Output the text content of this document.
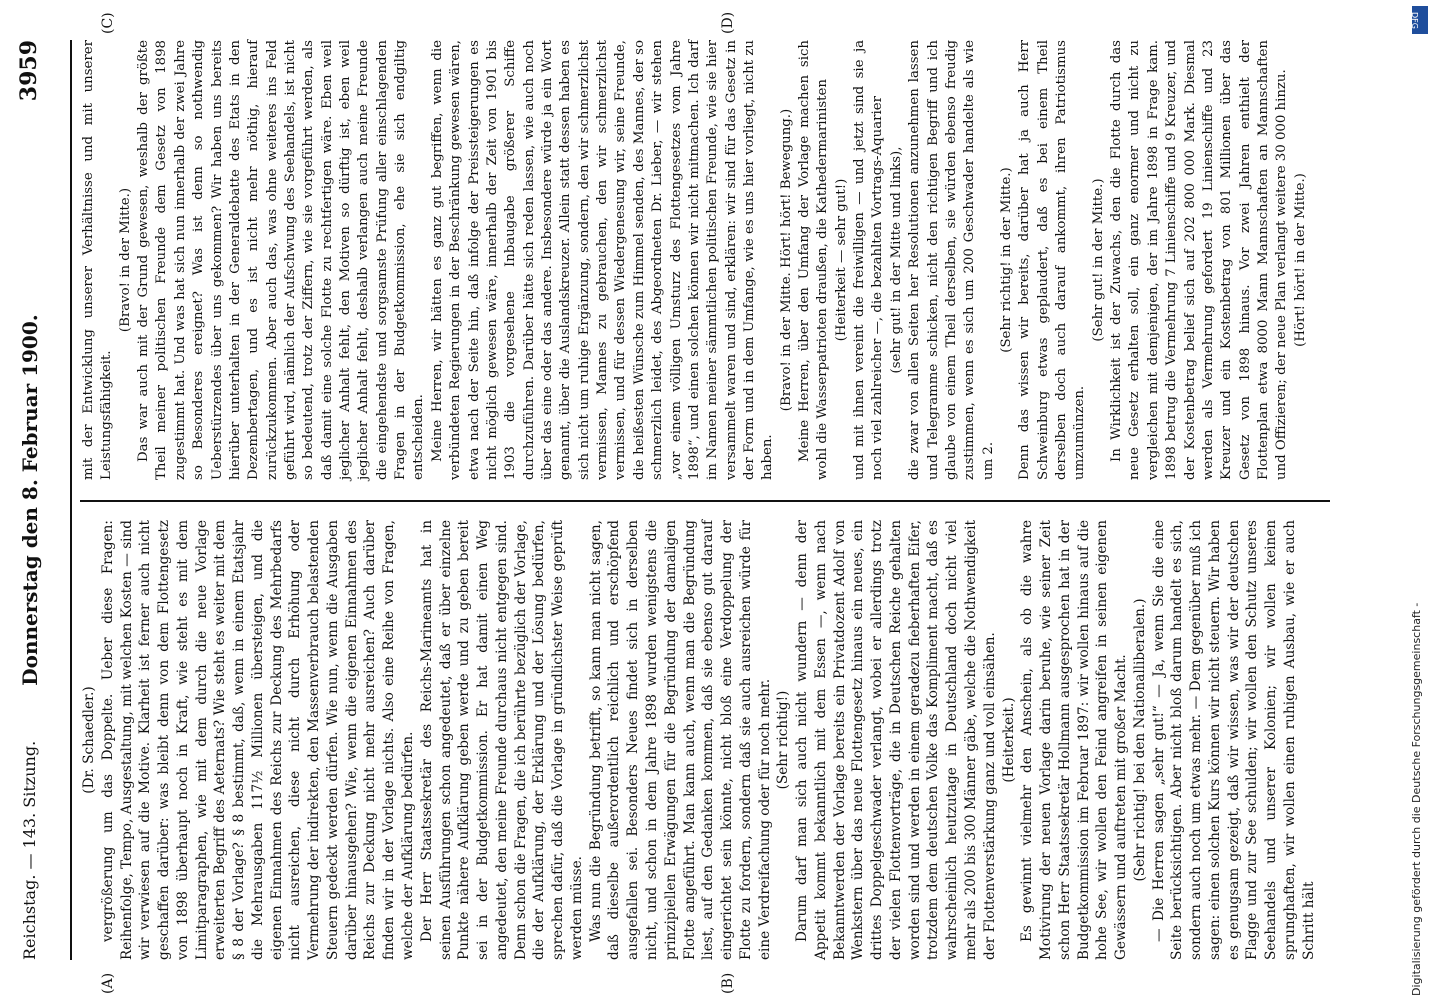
Reichstag. — 143. Sitzung.
Donnerstag den 8. Februar 1900.
3959

(Dr. Schaedler.) vergrößerung um das Doppelte. Ueber diese Fragen: Reihenfolge, Tempo, Ausgestaltung, mit welchen Kosten — sind wir verwiesen auf die Motive. Klarheit ist ferner auch nicht geschaffen darüber: was bleibt denn von dem Flottengesetz von 1898 überhaupt noch in Kraft, wie steht es mit dem Limitparagraphen, wie mit dem durch die neue Vorlage erweiterten Begriff des Aeternats? Wie steht es weiter mit dem § 8 der Vorlage? § 8 bestimmt, daß, wenn in einem Etatsjahr die Mehrausgaben 117½ Millionen übersteigen, und die eigenen Einnahmen des Reichs zur Deckung des Mehrbedarfs nicht ausreichen, diese nicht durch Erhöhung oder Vermehrung der indirekten, den Massenverbrauch belastenden Steuern gedeckt werden dürfen. Wie nun, wenn die Ausgaben darüber hinausgehen? Wie, wenn die eigenen Einnahmen des Reichs zur Deckung nicht mehr ausreichen? Auch darüber finden wir in der Vorlage nichts. Also eine Reihe von Fragen, welche der Aufklärung bedürfen. Der Herr Staatssekretär des Reichs-Marineamts hat in seinen Ausführungen schon angedeutet, daß er über einzelne Punkte nähere Aufklärung geben werde und zu geben bereit sei in der Budgetkommission. Er hat damit einen Weg angedeutet, den meine Freunde durchaus nicht entgegen sind. Denn schon die Fragen, die ich berührte bezüglich der Vorlage, die der Aufklärung, der Erklärung und der Lösung bedürfen, sprechen dafür, daß die Vorlage in gründlichster Weise geprüft werden müsse. Was nun die Begründung betrifft, so kann man nicht sagen, daß dieselbe außerordentlich reichlich und erschöpfend ausgefallen sei. Besonders Neues findet sich in derselben nicht, und schon in dem Jahre 1898 wurden wenigstens die prinzipiellen Erwägungen für die Begründung der damaligen Flotte angeführt. Man kann auch, wenn man die Begründung liest, auf den Gedanken kommen, daß sie ebenso gut darauf eingerichtet sein könnte, nicht bloß eine Verdoppelung der Flotte zu fordern, sondern daß sie auch ausreichen würde für eine Verdreifachung oder für noch mehr. (Sehr richtig!) Darum darf man sich auch nicht wundern — denn der Appetit kommt bekanntlich mit dem Essen —, wenn nach Bekanntwerden der Vorlage bereits ein Privatdozent Adolf von Wenkstern über das neue Flottengesetz hinaus ein neues, ein drittes Doppelgeschwader verlangt, wobei er allerdings trotz der vielen Flottenvorträge, die in Deutschen Reiche gehalten worden sind und werden in einem geradezu fieberhaften Eifer, trotzdem dem deutschen Volke das Kompliment macht, daß es wahrscheinlich heutzutage in Deutschland doch nicht viel mehr als 200 bis 300 Männer gäbe, welche die Nothwendigkeit der Flottenverstärkung ganz und voll einsähen. (Heiterkeit.) Es gewinnt vielmehr den Anschein, als ob die wahre Motivirung der neuen Vorlage darin beruhe, wie seiner Zeit schon Herr Staatssekretär Hollmann ausgesprochen hat in der Budgetkommission im Februar 1897: wir wollen hinaus auf die hohe See, wir wollen den Feind angreifen in seinen eigenen Gewässern und auftreten mit großer Macht. (Sehr richtig! bei den Nationalliberalen.) — Die Herren sagen „sehr gut!“ — Ja, wenn Sie die eine Seite berücksichtigen. Aber nicht bloß darum handelt es sich, sondern auch noch um etwas mehr. — Dem gegenüber muß ich sagen: einen solchen Kurs können wir nicht steuern. Wir haben es genugsam gezeigt, daß wir wissen, was wir der deutschen Flagge und zur See schulden; wir wollen den Schutz unseres Seehandels und unserer Kolonien; wir wollen keinen sprunghaften, wir wollen einen ruhigen Ausbau, wie er auch Schritt hält

mit der Entwicklung unserer Verhältnisse und mit unserer Leistungsfähigkeit.

(Bravo! in der Mitte.) Das war auch mit der Grund gewesen, weshalb der größte Theil meiner politischen Freunde dem Gesetz von 1898 zugestimmt hat. Und was hat sich nun innerhalb der zwei Jahre so Besonderes ereignet? Was ist denn so nothwendig Ueberstürzendes über uns gekommen? Wir haben uns bereits hierüber unterhalten in der Generaldebatte des Etats in den Dezembertagen, und es ist nicht mehr nöthig, hierauf zurückzukommen. Aber auch das, was ohne weiteres ins Feld geführt wird, nämlich der Aufschwung des Seehandels, ist nicht so bedeutend, trotz der Ziffern, wie sie vorgeführt werden, als daß damit eine solche Flotte zu rechtfertigen wäre. Eben weil jeglicher Anhalt fehlt, den Motiven so dürftig ist, eben weil jeglicher Anhalt fehlt, deshalb verlangen auch meine Freunde die eingehendste und sorgsamste Prüfung aller einschlagenden Fragen in der Budgetkommission, ehe sie sich endgiltig entscheiden. Meine Herren, wir hätten es ganz gut begriffen, wenn die verbündeten Regierungen in der Beschränkung gewesen wären, etwa nach der Seite hin, daß infolge der Preissteigerungen es nicht möglich gewesen wäre, innerhalb der Zeit von 1901 bis 1903 die vorgesehene Inbaugabe größerer Schiffe durchzuführen. Darüber hätte sich reden lassen, wie auch noch über das eine oder das andere. Insbesondere würde ja ein Wort genannt, über die Auslandskreuzer. Allein statt dessen haben es sich nicht um ruhige Ergänzung, sondern, den wir schmerzlichst vermissen, Mannes zu gebrauchen, den wir schmerzlichst vermissen, und für dessen Wiedergenesung wir, seine Freunde, die heißesten Wünsche zum Himmel senden, des Mannes, der so schmerzlich leidet, des Abgeordneten Dr. Lieber, — wir stehen „vor einem völligen Umsturz des Flottengesetzes vom Jahre 1898“, und einen solchen können wir nicht mitmachen. Ich darf im Namen meiner sämmtlichen politischen Freunde, wie sie hier versammelt waren und sind, erklären: wir sind für das Gesetz in der Form und in dem Umfange, wie es uns hier vorliegt, nicht zu haben.

(Bravo! in der Mitte. Hört! hört! Bewegung.) Meine Herren, über den Umfang der Vorlage machen sich wohl die Wasserpatrioten draußen, die Kathedermarinisten (Heiterkeit — sehr gut!) und mit ihnen vereint die freiwilligen — und jetzt sind sie ja noch viel zahlreicher —, die bezahlten Vortrags-Aquarier (sehr gut! in der Mitte und links), die zwar von allen Seiten her Resolutionen anzunehmen lassen und Telegramme schicken, nicht den richtigen Begriff und ich glaube von einem Theil derselben, sie würden ebenso freudig zustimmen, wenn es sich um 200 Geschwader handelte als wie um 2.

(Sehr richtig! in der Mitte.) Denn das wissen wir bereits, darüber hat ja auch Herr Schweinburg etwas geplaudert, daß es bei einem Theil derselben doch auch darauf ankommt, ihren Patriotismus umzumünzen.

(Sehr gut! in der Mitte.) In Wirklichkeit ist der Zuwachs, den die Flotte durch das neue Gesetz erhalten soll, ein ganz enormer und nicht zu vergleichen mit demjenigen, der im Jahre 1898 in Frage kam. 1898 betrug die Vermehrung 7 Linienschiffe und 9 Kreuzer, und der Kostenbetrag belief sich auf 202 800 000 Mark. Diesmal werden als Vermehrung gefordert 19 Linienschiffe und 23 Kreuzer und ein Kostenbetrag von 801 Millionen über das Gesetz von 1898 hinaus. Vor zwei Jahren enthielt der Flottenplan etwa 8000 Mann Mannschaften an Mannschaften und Offizieren; der neue Plan verlangt weitere 30 000 hinzu. (Hört! hört! in der Mitte.)

(A)	(B)
(C)	(D)
Digitalisierung gefördert durch die Deutsche Forschungsgemeinschaft -
DFG
